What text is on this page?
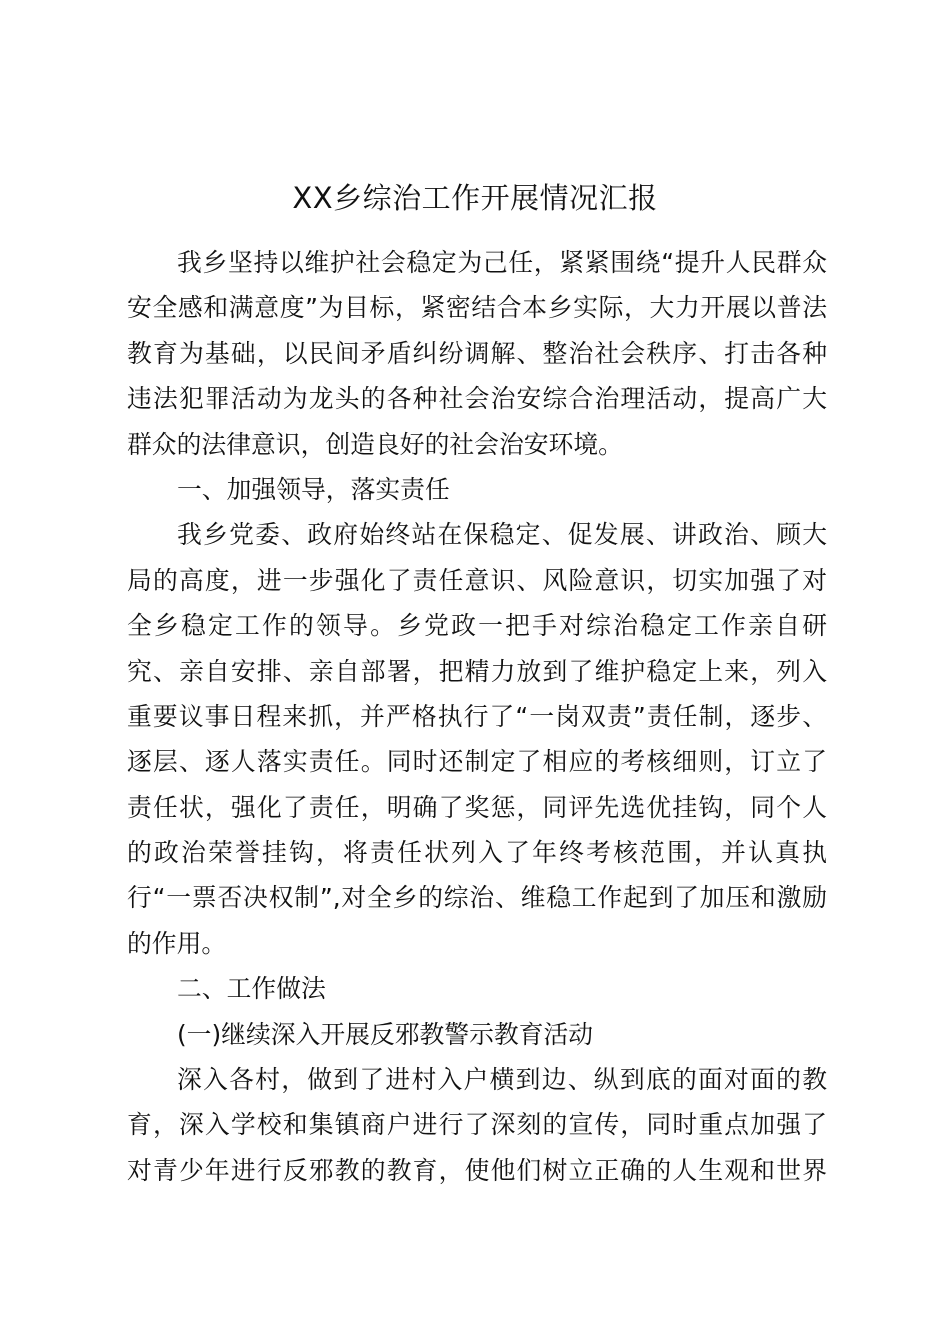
XX乡综治工作开展情况汇报
我乡坚持以维护社会稳定为己任，紧紧围绕“提升人民群众
安全感和满意度”为目标，紧密结合本乡实际，大力开展以普法
教育为基础，以民间矛盾纠纷调解、整治社会秩序、打击各种
违法犯罪活动为龙头的各种社会治安综合治理活动，提高广大
群众的法律意识，创造良好的社会治安环境。
一、加强领导，落实责任
我乡党委、政府始终站在保稳定、促发展、讲政治、顾大
局的高度，进一步强化了责任意识、风险意识，切实加强了对
全乡稳定工作的领导。乡党政一把手对综治稳定工作亲自研
究、亲自安排、亲自部署，把精力放到了维护稳定上来，列入
重要议事日程来抓，并严格执行了“一岗双责”责任制，逐步、
逐层、逐人落实责任。同时还制定了相应的考核细则，订立了
责任状，强化了责任，明确了奖惩，同评先选优挂钩，同个人
的政治荣誉挂钩，将责任状列入了年终考核范围，并认真执
行“一票否决权制”,对全乡的综治、维稳工作起到了加压和激励
的作用。
二、工作做法
(一)继续深入开展反邪教警示教育活动
深入各村，做到了进村入户横到边、纵到底的面对面的教
育，深入学校和集镇商户进行了深刻的宣传，同时重点加强了
对青少年进行反邪教的教育，使他们树立正确的人生观和世界
